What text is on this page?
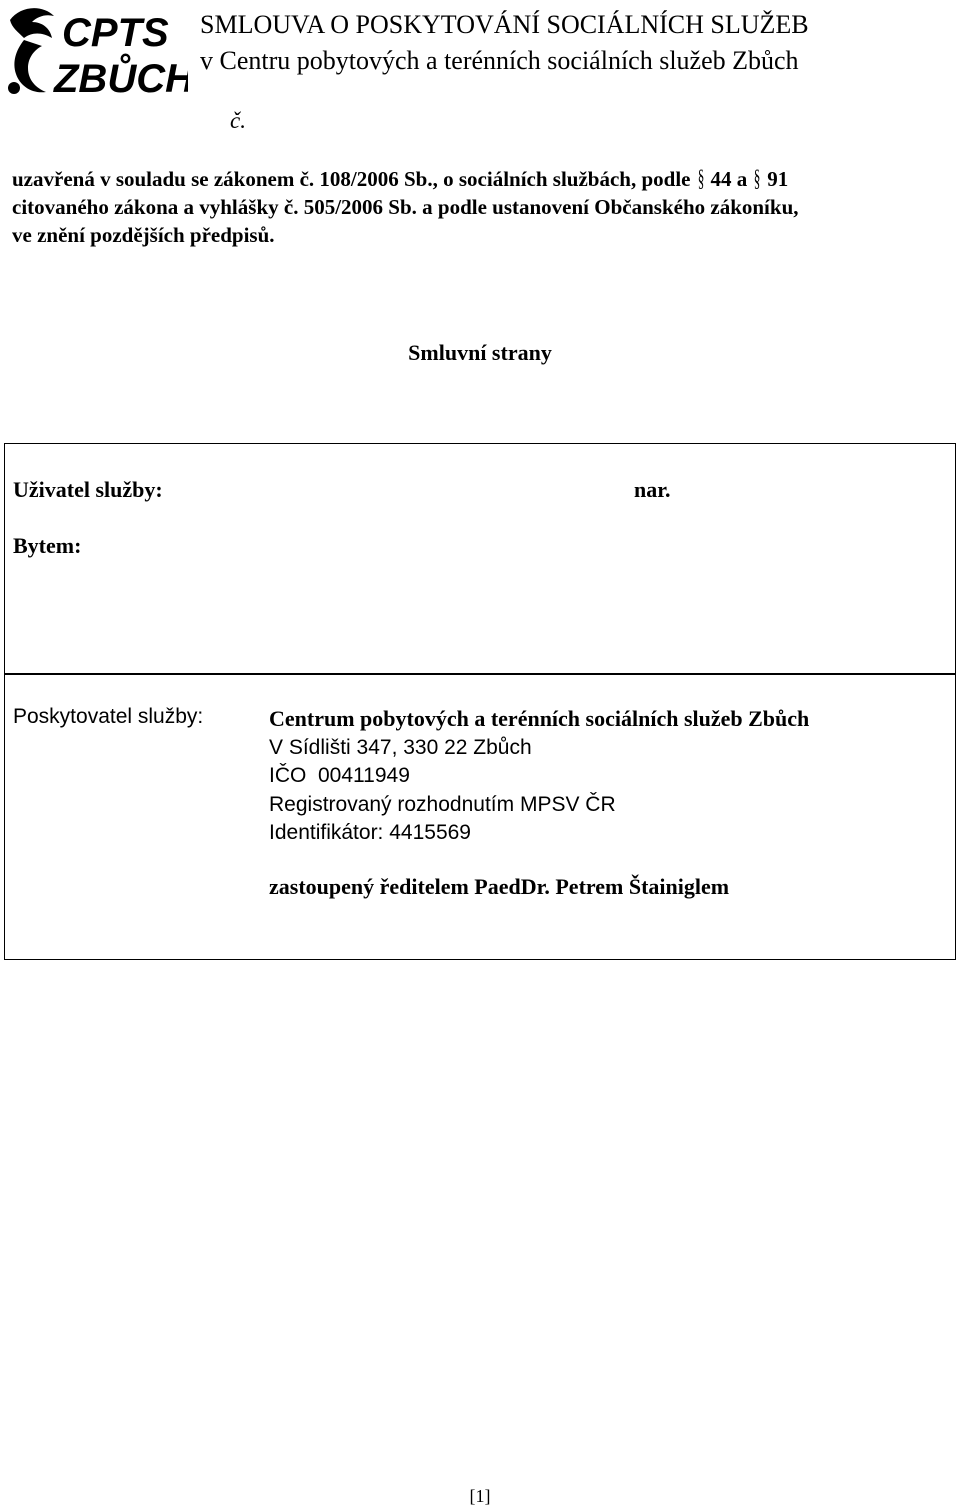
CPTS
ZBŮCH
SMLOUVA O POSKYTOVÁNÍ SOCIÁLNÍCH SLUŽEB
v Centru pobytových a terénních sociálních služeb Zbůch
č.
uzavřená v souladu se zákonem č. 108/2006 Sb., o sociálních službách, podle § 44 a § 91
citovaného zákona a vyhlášky č. 505/2006 Sb. a podle ustanovení Občanského zákoníku,
ve znění pozdějších předpisů.
Smluvní strany
Uživatel služby:	nar.
Bytem:
Poskytovatel služby:	Centrum pobytových a terénních sociálních služeb Zbůch
V Sídlišti 347, 330 22 Zbůch
IČO  00411949
Registrovaný rozhodnutím MPSV ČR
Identifikátor: 4415569
zastoupený ředitelem PaedDr. Petrem Štainiglem
[1]
